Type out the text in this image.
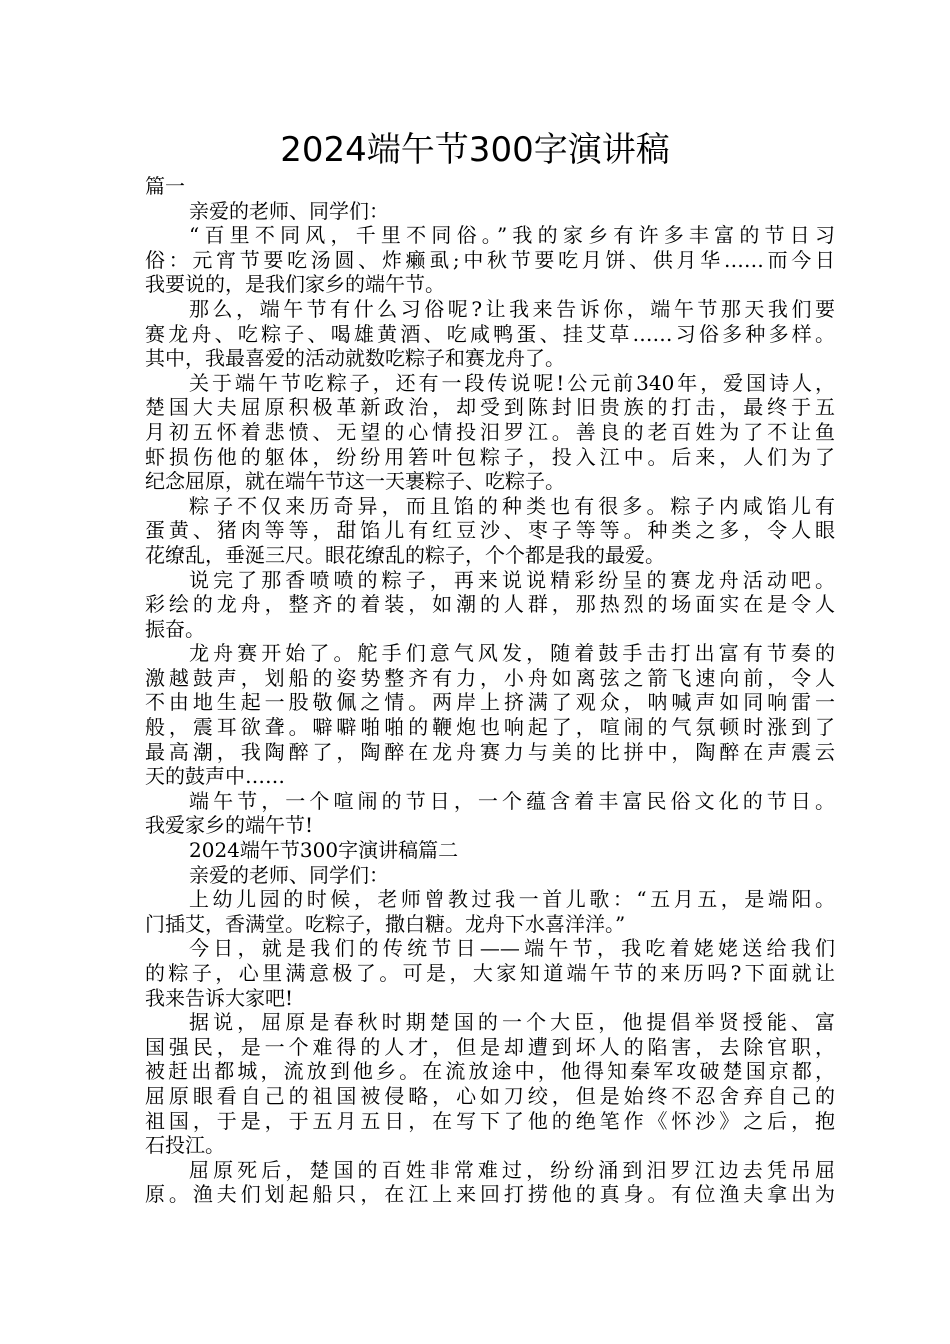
2024端午节300字演讲稿
篇一
亲爱的老师、同学们：
“百里不同风，千里不同俗。”我的家乡有许多丰富的节日习
俗：元宵节要吃汤圆、炸癞虱;中秋节要吃月饼、供月华……而今日
我要说的，是我们家乡的端午节。
那么，端午节有什么习俗呢?让我来告诉你，端午节那天我们要
赛龙舟、吃粽子、喝雄黄酒、吃咸鸭蛋、挂艾草……习俗多种多样。
其中，我最喜爱的活动就数吃粽子和赛龙舟了。
关于端午节吃粽子，还有一段传说呢!公元前340年，爱国诗人，
楚国大夫屈原积极革新政治，却受到陈封旧贵族的打击，最终于五
月初五怀着悲愤、无望的心情投汨罗江。善良的老百姓为了不让鱼
虾损伤他的躯体，纷纷用箬叶包粽子，投入江中。后来，人们为了
纪念屈原，就在端午节这一天裹粽子、吃粽子。
粽子不仅来历奇异，而且馅的种类也有很多。粽子内咸馅儿有
蛋黄、猪肉等等，甜馅儿有红豆沙、枣子等等。种类之多，令人眼
花缭乱，垂涎三尺。眼花缭乱的粽子，个个都是我的最爱。
说完了那香喷喷的粽子，再来说说精彩纷呈的赛龙舟活动吧。
彩绘的龙舟，整齐的着装，如潮的人群，那热烈的场面实在是令人
振奋。
龙舟赛开始了。舵手们意气风发，随着鼓手击打出富有节奏的
激越鼓声，划船的姿势整齐有力，小舟如离弦之箭飞速向前，令人
不由地生起一股敬佩之情。两岸上挤满了观众，呐喊声如同响雷一
般，震耳欲聋。噼噼啪啪的鞭炮也响起了，喧闹的气氛顿时涨到了
最高潮，我陶醉了，陶醉在龙舟赛力与美的比拼中，陶醉在声震云
天的鼓声中……
端午节，一个喧闹的节日，一个蕴含着丰富民俗文化的节日。
我爱家乡的端午节!
2024端午节300字演讲稿篇二
亲爱的老师、同学们：
上幼儿园的时候，老师曾教过我一首儿歌：“五月五，是端阳。
门插艾，香满堂。吃粽子，撒白糖。龙舟下水喜洋洋。”
今日，就是我们的传统节日——端午节，我吃着姥姥送给我们
的粽子，心里满意极了。可是，大家知道端午节的来历吗?下面就让
我来告诉大家吧!
据说，屈原是春秋时期楚国的一个大臣，他提倡举贤授能、富
国强民，是一个难得的人才，但是却遭到坏人的陷害，去除官职，
被赶出都城，流放到他乡。在流放途中，他得知秦军攻破楚国京都，
屈原眼看自己的祖国被侵略，心如刀绞，但是始终不忍舍弃自己的
祖国，于是，于五月五日，在写下了他的绝笔作《怀沙》之后，抱
石投江。
屈原死后，楚国的百姓非常难过，纷纷涌到汨罗江边去凭吊屈
原。渔夫们划起船只，在江上来回打捞他的真身。有位渔夫拿出为
